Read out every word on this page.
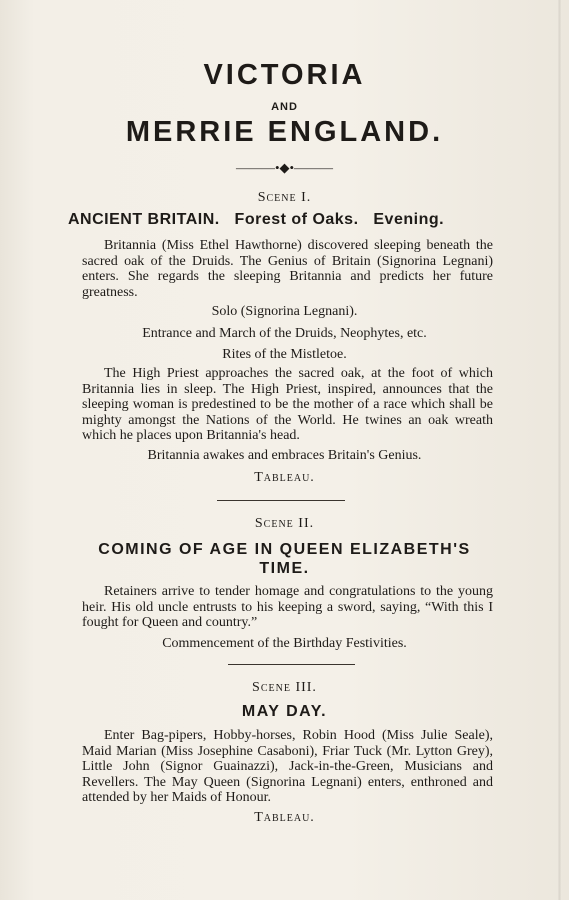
VICTORIA
AND
MERRIE ENGLAND.
———•◆•———
Scene I.
ANCIENT BRITAIN. Forest of Oaks. Evening.
Britannia (Miss Ethel Hawthorne) discovered sleeping beneath the sacred oak of the Druids. The Genius of Britain (Signorina Legnani) enters. She regards the sleeping Britannia and predicts her future greatness.
Solo (Signorina Legnani).
Entrance and March of the Druids, Neophytes, etc.
Rites of the Mistletoe.
The High Priest approaches the sacred oak, at the foot of which Britannia lies in sleep. The High Priest, inspired, announces that the sleeping woman is predestined to be the mother of a race which shall be mighty amongst the Nations of the World. He twines an oak wreath which he places upon Britannia's head.
Britannia awakes and embraces Britain's Genius.
Tableau.
Scene II.
COMING OF AGE IN QUEEN ELIZABETH'S
TIME.
Retainers arrive to tender homage and congratulations to the young heir. His old uncle entrusts to his keeping a sword, saying, “With this I fought for Queen and country.”
Commencement of the Birthday Festivities.
Scene III.
MAY DAY.
Enter Bag-pipers, Hobby-horses, Robin Hood (Miss Julie Seale), Maid Marian (Miss Josephine Casaboni), Friar Tuck (Mr. Lytton Grey), Little John (Signor Guainazzi), Jack-in-the-Green, Musicians and Revellers. The May Queen (Signorina Legnani) enters, enthroned and attended by her Maids of Honour.
Tableau.
